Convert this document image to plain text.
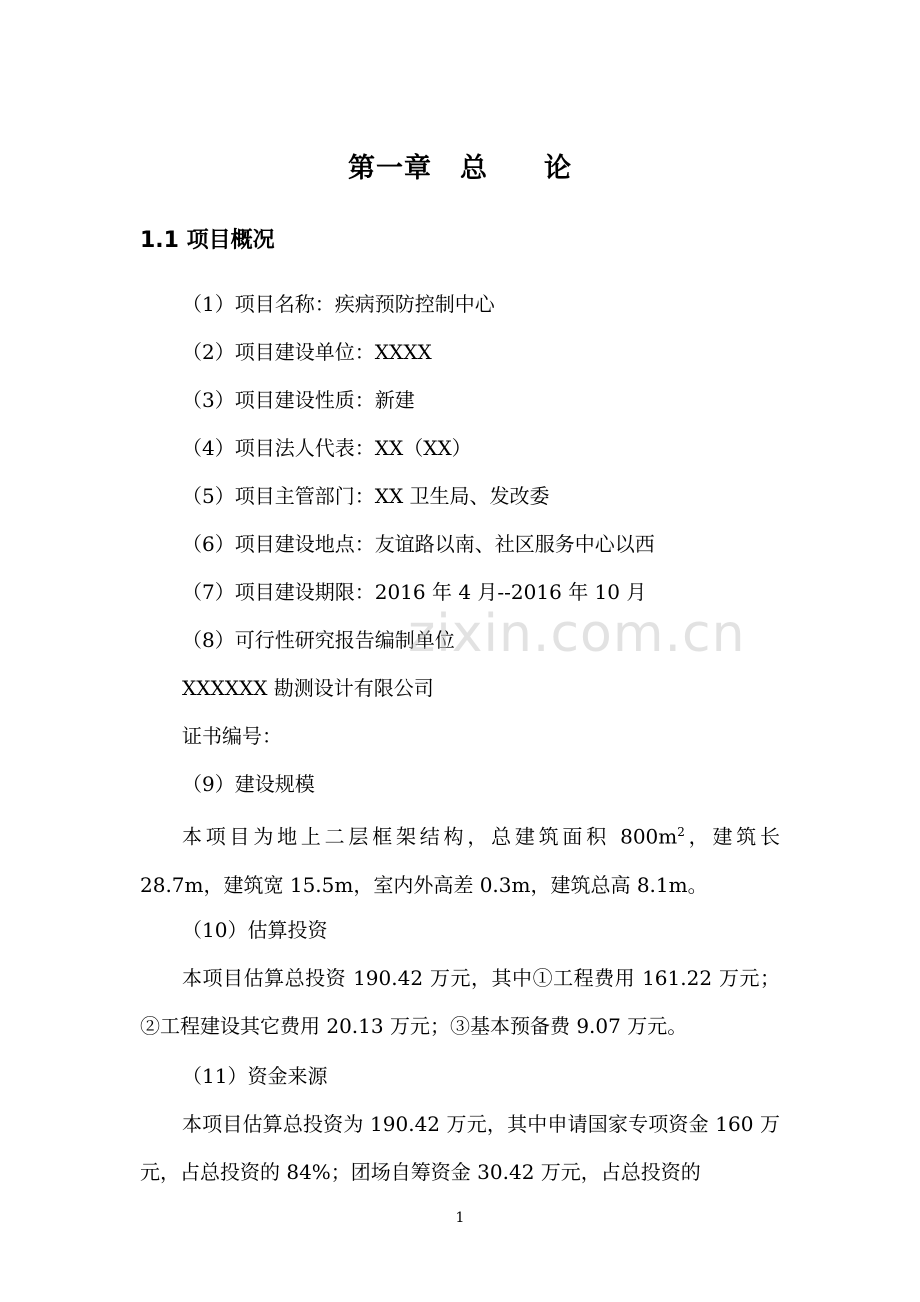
第一章 总 论
1.1 项目概况
（1）项目名称：疾病预防控制中心
（2）项目建设单位：XXXX
（3）项目建设性质：新建
（4）项目法人代表：XX（XX）
（5）项目主管部门：XX 卫生局、发改委
（6）项目建设地点：友谊路以南、社区服务中心以西
（7）项目建设期限：2016 年 4 月--2016 年 10 月
（8）可行性研究报告编制单位
XXXXXX 勘测设计有限公司
证书编号：
（9）建设规模
本项目为地上二层框架结构，总建筑面积 $800m^2$，建筑长 28.7m，建筑宽 15.5m，室内外高差 0.3m，建筑总高 8.1m。
（10）估算投资
本项目估算总投资 190.42 万元，其中①工程费用 161.22 万元；②工程建设其它费用 20.13 万元；③基本预备费 9.07 万元。
（11）资金来源
本项目估算总投资为 190.42 万元，其中申请国家专项资金 160 万元，占总投资的 84%；团场自筹资金 30.42 万元，占总投资的
zixin.com.cn
1
